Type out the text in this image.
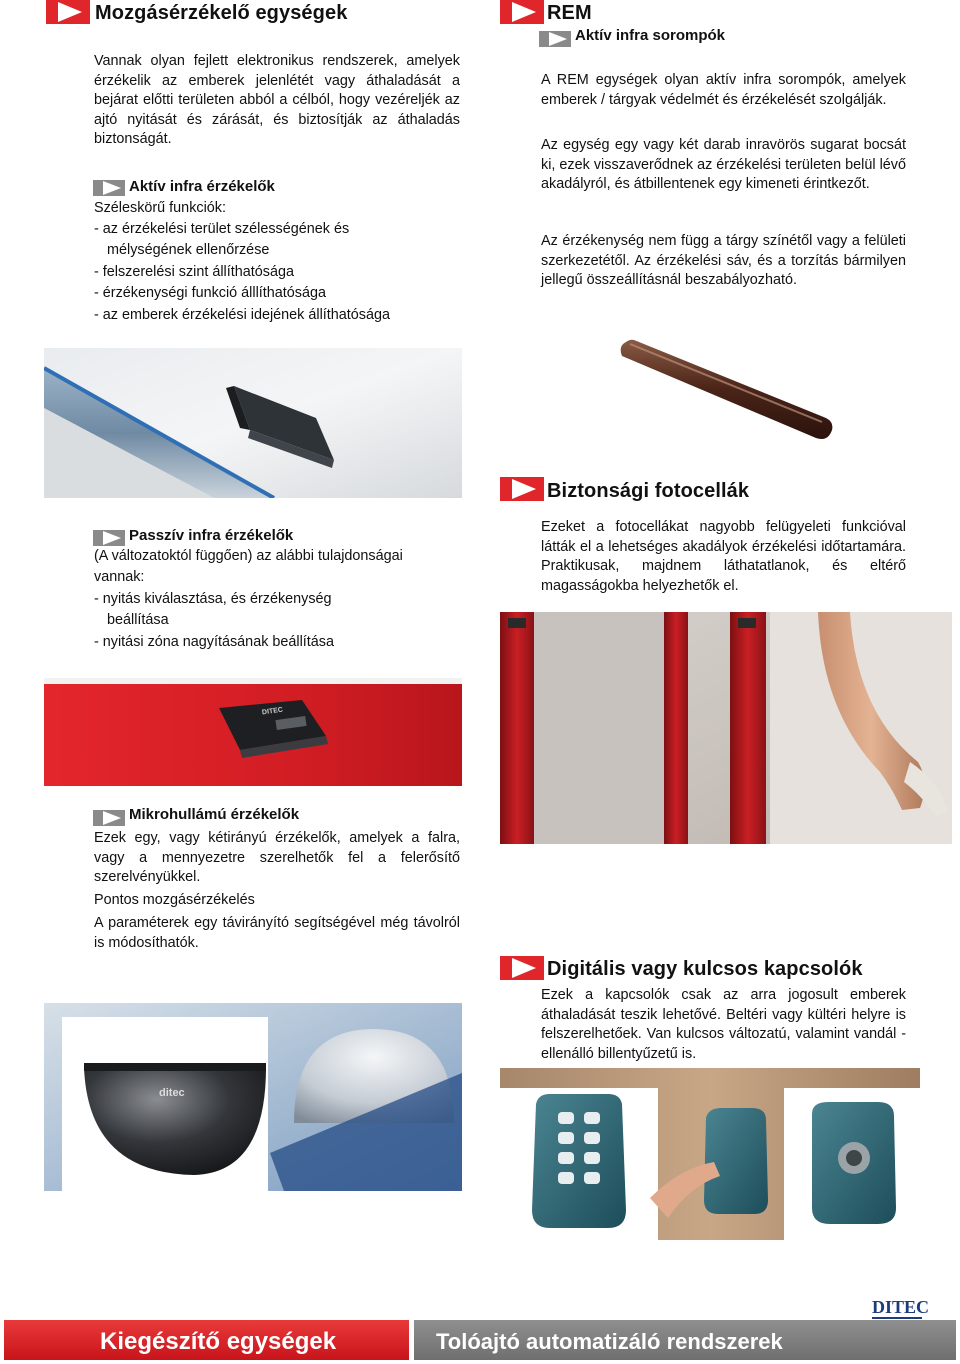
Mozgásérzékelő egységek

Vannak olyan fejlett elektronikus rendszerek, amelyek érzékelik az emberek jelenlétét vagy áthaladását a bejárat előtti területen abból a célból, hogy vezéreljék az ajtó nyitását és zárását, és biztosítják az áthaladás biztonságát.

Aktív infra érzékelők
Széleskörű funkciók:
- az érzékelési terület szélességének és
mélységének ellenőrzése
- felszerelési szint állíthatósága
- érzékenységi funkció álllíthatósága
- az emberek érzékelési idejének állíthatósága
Passzív infra érzékelők
(A változatoktól függően) az alábbi tulajdonságai
vannak:
- nyitás kiválasztása, és érzékenység
beállítása
- nyitási zóna nagyításának beállítása
DITEC
Mikrohullámú érzékelők

Ezek egy, vagy kétirányú érzékelők, amelyek a falra, vagy a mennyezetre szerelhetők fel a felerősítő szerelvényükkel.

Pontos mozgásérzékelés

A paraméterek egy távirányító segítségével még távolról is módosíthatók.

ditec
REM
Aktív infra sorompók

A REM egységek olyan aktív infra sorompók, amelyek emberek / tárgyak védelmét és érzékelését szolgálják.

Az egység egy vagy két darab inravörös sugarat bocsát ki, ezek visszaverődnek az érzékelési területen belül lévő akadályról, és átbillentenek egy kimeneti érintkezőt.

Az érzékenység nem függ a tárgy színétől vagy a felületi szerkezetétől. Az érzékelési sáv, és a torzítás bármilyen jellegű összeállításnál beszabályozható.

Biztonsági fotocellák

Ezeket a fotocellákat nagyobb felügyeleti funkcióval látták el a lehetséges akadályok érzékelési időtartamára. Praktikusak, majdnem láthatatlanok, és eltérő magasságokba helyezhetők el.

Digitális vagy kulcsos kapcsolók

Ezek a kapcsolók csak az arra jogosult emberek áthaladását teszik lehetővé. Beltéri vagy kültéri helyre is felszerelhetőek. Van kulcsos változatú, valamint vandál - ellenálló billentyűzetű is.

DITEC
Kiegészítő egységek	Tolóajtó automatizáló rendszerek
